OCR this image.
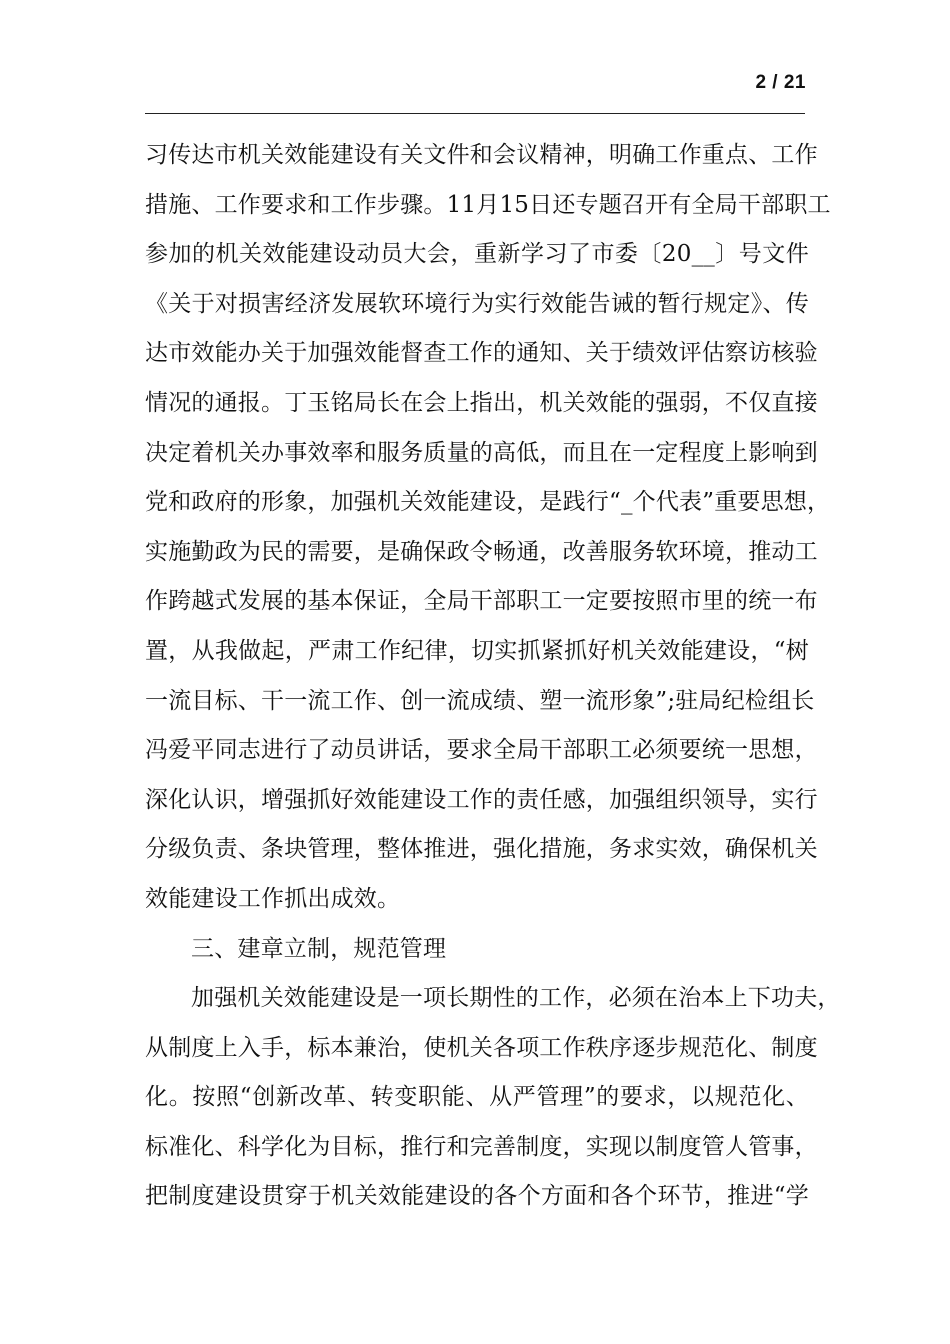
2 / 21
习传达市机关效能建设有关文件和会议精神，明确工作重点、工作
措施、工作要求和工作步骤。11月15日还专题召开有全局干部职工
参加的机关效能建设动员大会，重新学习了市委〔20__〕号文件
《关于对损害经济发展软环境行为实行效能告诫的暂行规定》、传
达市效能办关于加强效能督查工作的通知、关于绩效评估察访核验
情况的通报。丁玉铭局长在会上指出，机关效能的强弱，不仅直接
决定着机关办事效率和服务质量的高低，而且在一定程度上影响到
党和政府的形象，加强机关效能建设，是践行“_个代表”重要思想，
实施勤政为民的需要，是确保政令畅通，改善服务软环境，推动工
作跨越式发展的基本保证，全局干部职工一定要按照市里的统一布
置，从我做起，严肃工作纪律，切实抓紧抓好机关效能建设，“树
一流目标、干一流工作、创一流成绩、塑一流形象”;驻局纪检组长
冯爱平同志进行了动员讲话，要求全局干部职工必须要统一思想，
深化认识，增强抓好效能建设工作的责任感，加强组织领导，实行
分级负责、条块管理，整体推进，强化措施，务求实效，确保机关
效能建设工作抓出成效。
三、建章立制，规范管理
加强机关效能建设是一项长期性的工作，必须在治本上下功夫，
从制度上入手，标本兼治，使机关各项工作秩序逐步规范化、制度
化。按照“创新改革、转变职能、从严管理”的要求，以规范化、
标准化、科学化为目标，推行和完善制度，实现以制度管人管事，
把制度建设贯穿于机关效能建设的各个方面和各个环节，推进“学
